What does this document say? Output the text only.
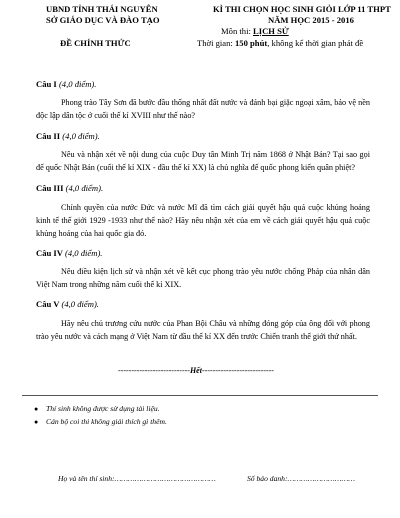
UBND TỈNH THÁI NGUYÊN
SỞ GIÁO DỤC VÀ ĐÀO TẠO
ĐỀ CHÍNH THỨC
KÌ THI CHỌN HỌC SINH GIỎI LỚP 11 THPT
NĂM HỌC 2015 - 2016
Môn thi: LỊCH SỬ
Thời gian: 150 phút, không kể thời gian phát đề
Câu I (4,0 điểm).

Phong trào Tây Sơn đã bước đầu thống nhất đất nước và đánh bại giặc ngoại xâm, bảo vệ nền độc lập dân tộc ở cuối thế kỉ XVIII như thế nào?

Câu II (4,0 điểm).

Nêu và nhận xét về nội dung của cuộc Duy tân Minh Trị năm 1868 ở Nhật Bản? Tại sao gọi đế quốc Nhật Bản (cuối thế kỉ XIX - đầu thế kỉ XX) là chủ nghĩa đế quốc phong kiến quân phiệt?

Câu III (4,0 điểm).

Chính quyền của nước Đức và nước Mĩ đã tìm cách giải quyết hậu quả cuộc khủng hoảng kinh tế thế giới 1929 -1933 như thế nào? Hãy nêu nhận xét của em về cách giải quyết hậu quả cuộc khủng hoảng của hai quốc gia đó.

Câu IV (4,0 điểm).

Nêu điều kiện lịch sử và nhận xét về kết cục phong trào yêu nước chống Pháp của nhân dân Việt Nam trong những năm cuối thế kỉ XIX.

Câu V (4,0 điểm).

Hãy nêu chủ trương cứu nước của Phan Bội Châu và những đóng góp của ông đối với phong trào yêu nước và cách mạng ở Việt Nam từ đầu thế kỉ XX đến trước Chiến tranh thế giới thứ nhất.

---------------------------Hết---------------------------
● Thí sinh không được sử dụng tài liệu.
● Cán bộ coi thi không giải thích gì thêm.
Họ và tên thí sinh:………………………………………	Số báo danh:…………………………
